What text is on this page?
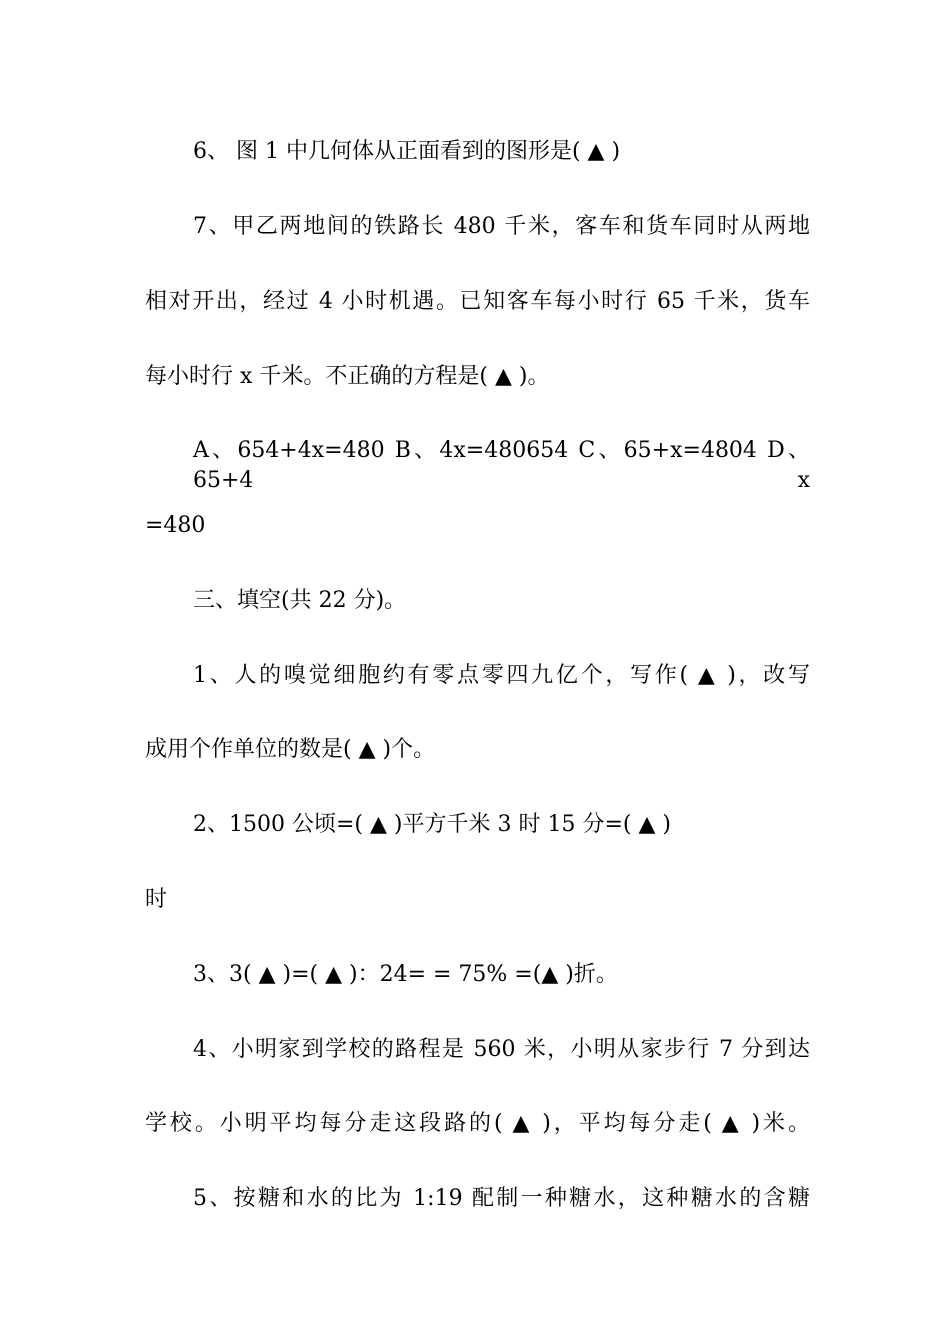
6、 图 1 中几何体从正面看到的图形是( ▲ )
7、甲乙两地间的铁路长 480 千米，客车和货车同时从两地
相对开出，经过 4 小时机遇。已知客车每小时行 65 千米，货车
每小时行 x 千米。不正确的方程是( ▲ )。
A、654+4x=480 B、4x=480654 C、65+x=4804 D、65+4 x
=480
三、填空(共 22 分)。
1、人的嗅觉细胞约有零点零四九亿个，写作( ▲ )，改写
成用个作单位的数是( ▲ )个。
2、1500 公顷=( ▲ )平方千米 3 时 15 分=( ▲ )
时
3、3( ▲ )=( ▲ )：24= = 75% =(▲ )折。
4、小明家到学校的路程是 560 米，小明从家步行 7 分到达
学校。小明平均每分走这段路的( ▲ )，平均每分走( ▲ )米。
5、按糖和水的比为 1:19 配制一种糖水，这种糖水的含糖
